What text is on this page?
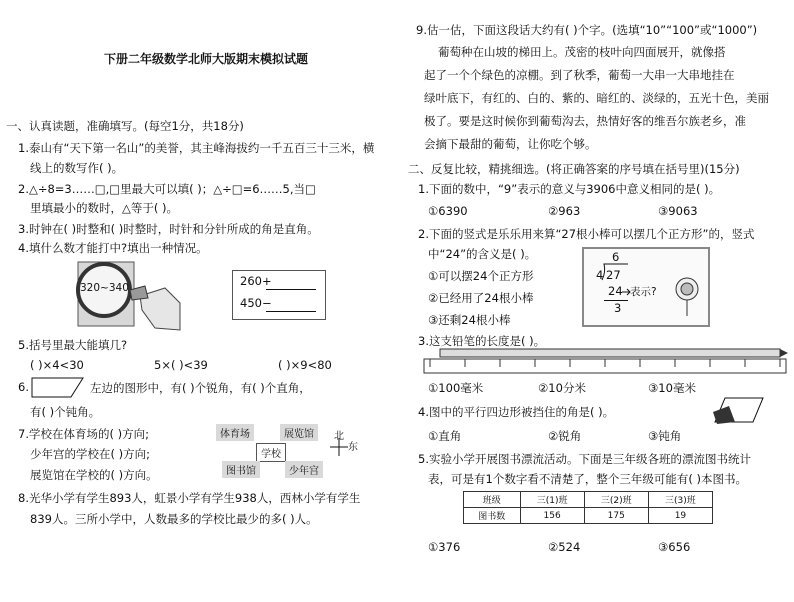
下册二年级数学北师大版期末模拟试题
一、认真读题，准确填写。(每空1分，共18分)
1.泰山有“天下第一名山”的美誉，其主峰海拔约一千五百三十三米，横
线上的数写作( )。
2.△÷8=3……□,□里最大可以填( )；△÷□=6……5,当□
里填最小的数时，△等于( )。
3.时钟在( )时整和( )时整时，时针和分针所成的角是直角。
4.填什么数才能打中?填出一种情况。
320~340	260+
450−
5.括号里最大能填几?
( )×4<30	5×( )<39	( )×9<80
6.	左边的图形中，有( )个锐角，有( )个直角，
有( )个钝角。
7.学校在体育场的( )方向;
少年宫的学校在( )方向;
展览馆在学校的( )方向。
体育场	展览馆
学校
图书馆	少年宫
北
东
8.光华小学有学生893人，虹景小学有学生938人，西林小学有学生
839人。三所小学中，人数最多的学校比最少的多( )人。
9.估一估，下面这段话大约有( )个字。(选填“10”“100”或“1000”)
葡萄种在山坡的梯田上。茂密的枝叶向四面展开，就像搭
起了一个个绿色的凉棚。到了秋季，葡萄一大串一大串地挂在
绿叶底下，有红的、白的、紫的、暗红的、淡绿的，五光十色，美丽
极了。要是这时候你到葡萄沟去，热情好客的维吾尔族老乡，准
会摘下最甜的葡萄，让你吃个够。
二、反复比较，精挑细选。(将正确答案的序号填在括号里)(15分)
1.下面的数中，“9”表示的意义与3906中意义相同的是( )。
①6390	②963	③9063
2.下面的竖式是乐乐用来算“27根小棒可以摆几个正方形”的，竖式
中“24”的含义是( )。
①可以摆24个正方形
②已经用了24根小棒
③还剩24根小棒
6
4 27
24
3
表示?
3.这支铅笔的长度是( )。
①100毫米	②10分米	③10毫米
4.图中的平行四边形被挡住的角是( )。
①直角	②锐角	③钝角
5.实验小学开展图书漂流活动。下面是三年级各班的漂流图书统计
表，可是有1个数字看不清楚了，整个三年级可能有( )本图书。
班级	三(1)班	三(2)班	三(3)班
图书数	156	175	19
①376	②524	③656
